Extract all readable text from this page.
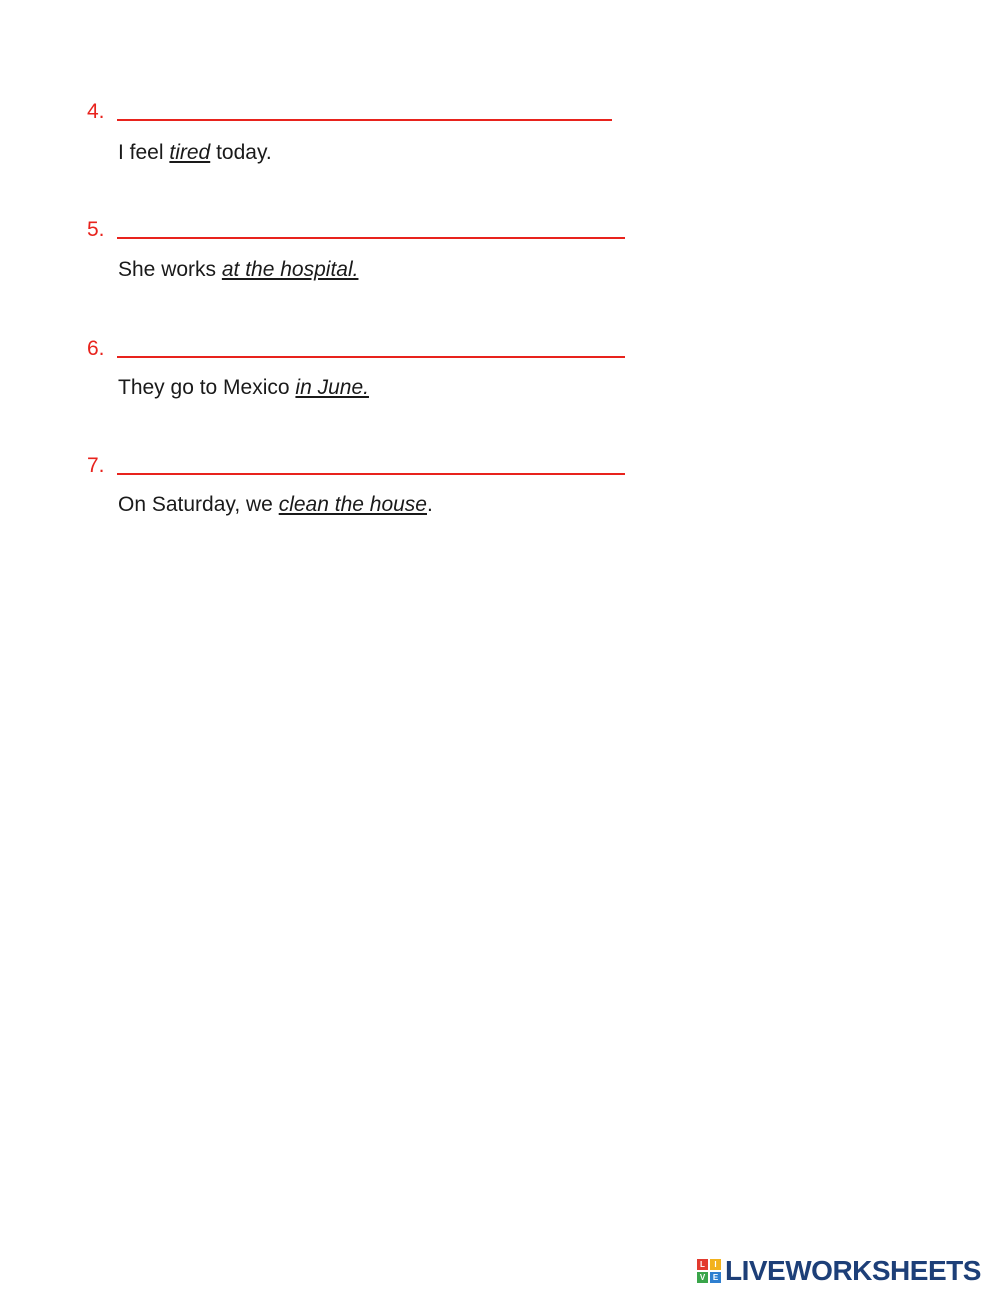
4.
I feel tired today.
5.
She works at the hospital.
6.
They go to Mexico in June.
7.
On Saturday, we clean the house.
L	I
V E LIVEWORKSHEETS
